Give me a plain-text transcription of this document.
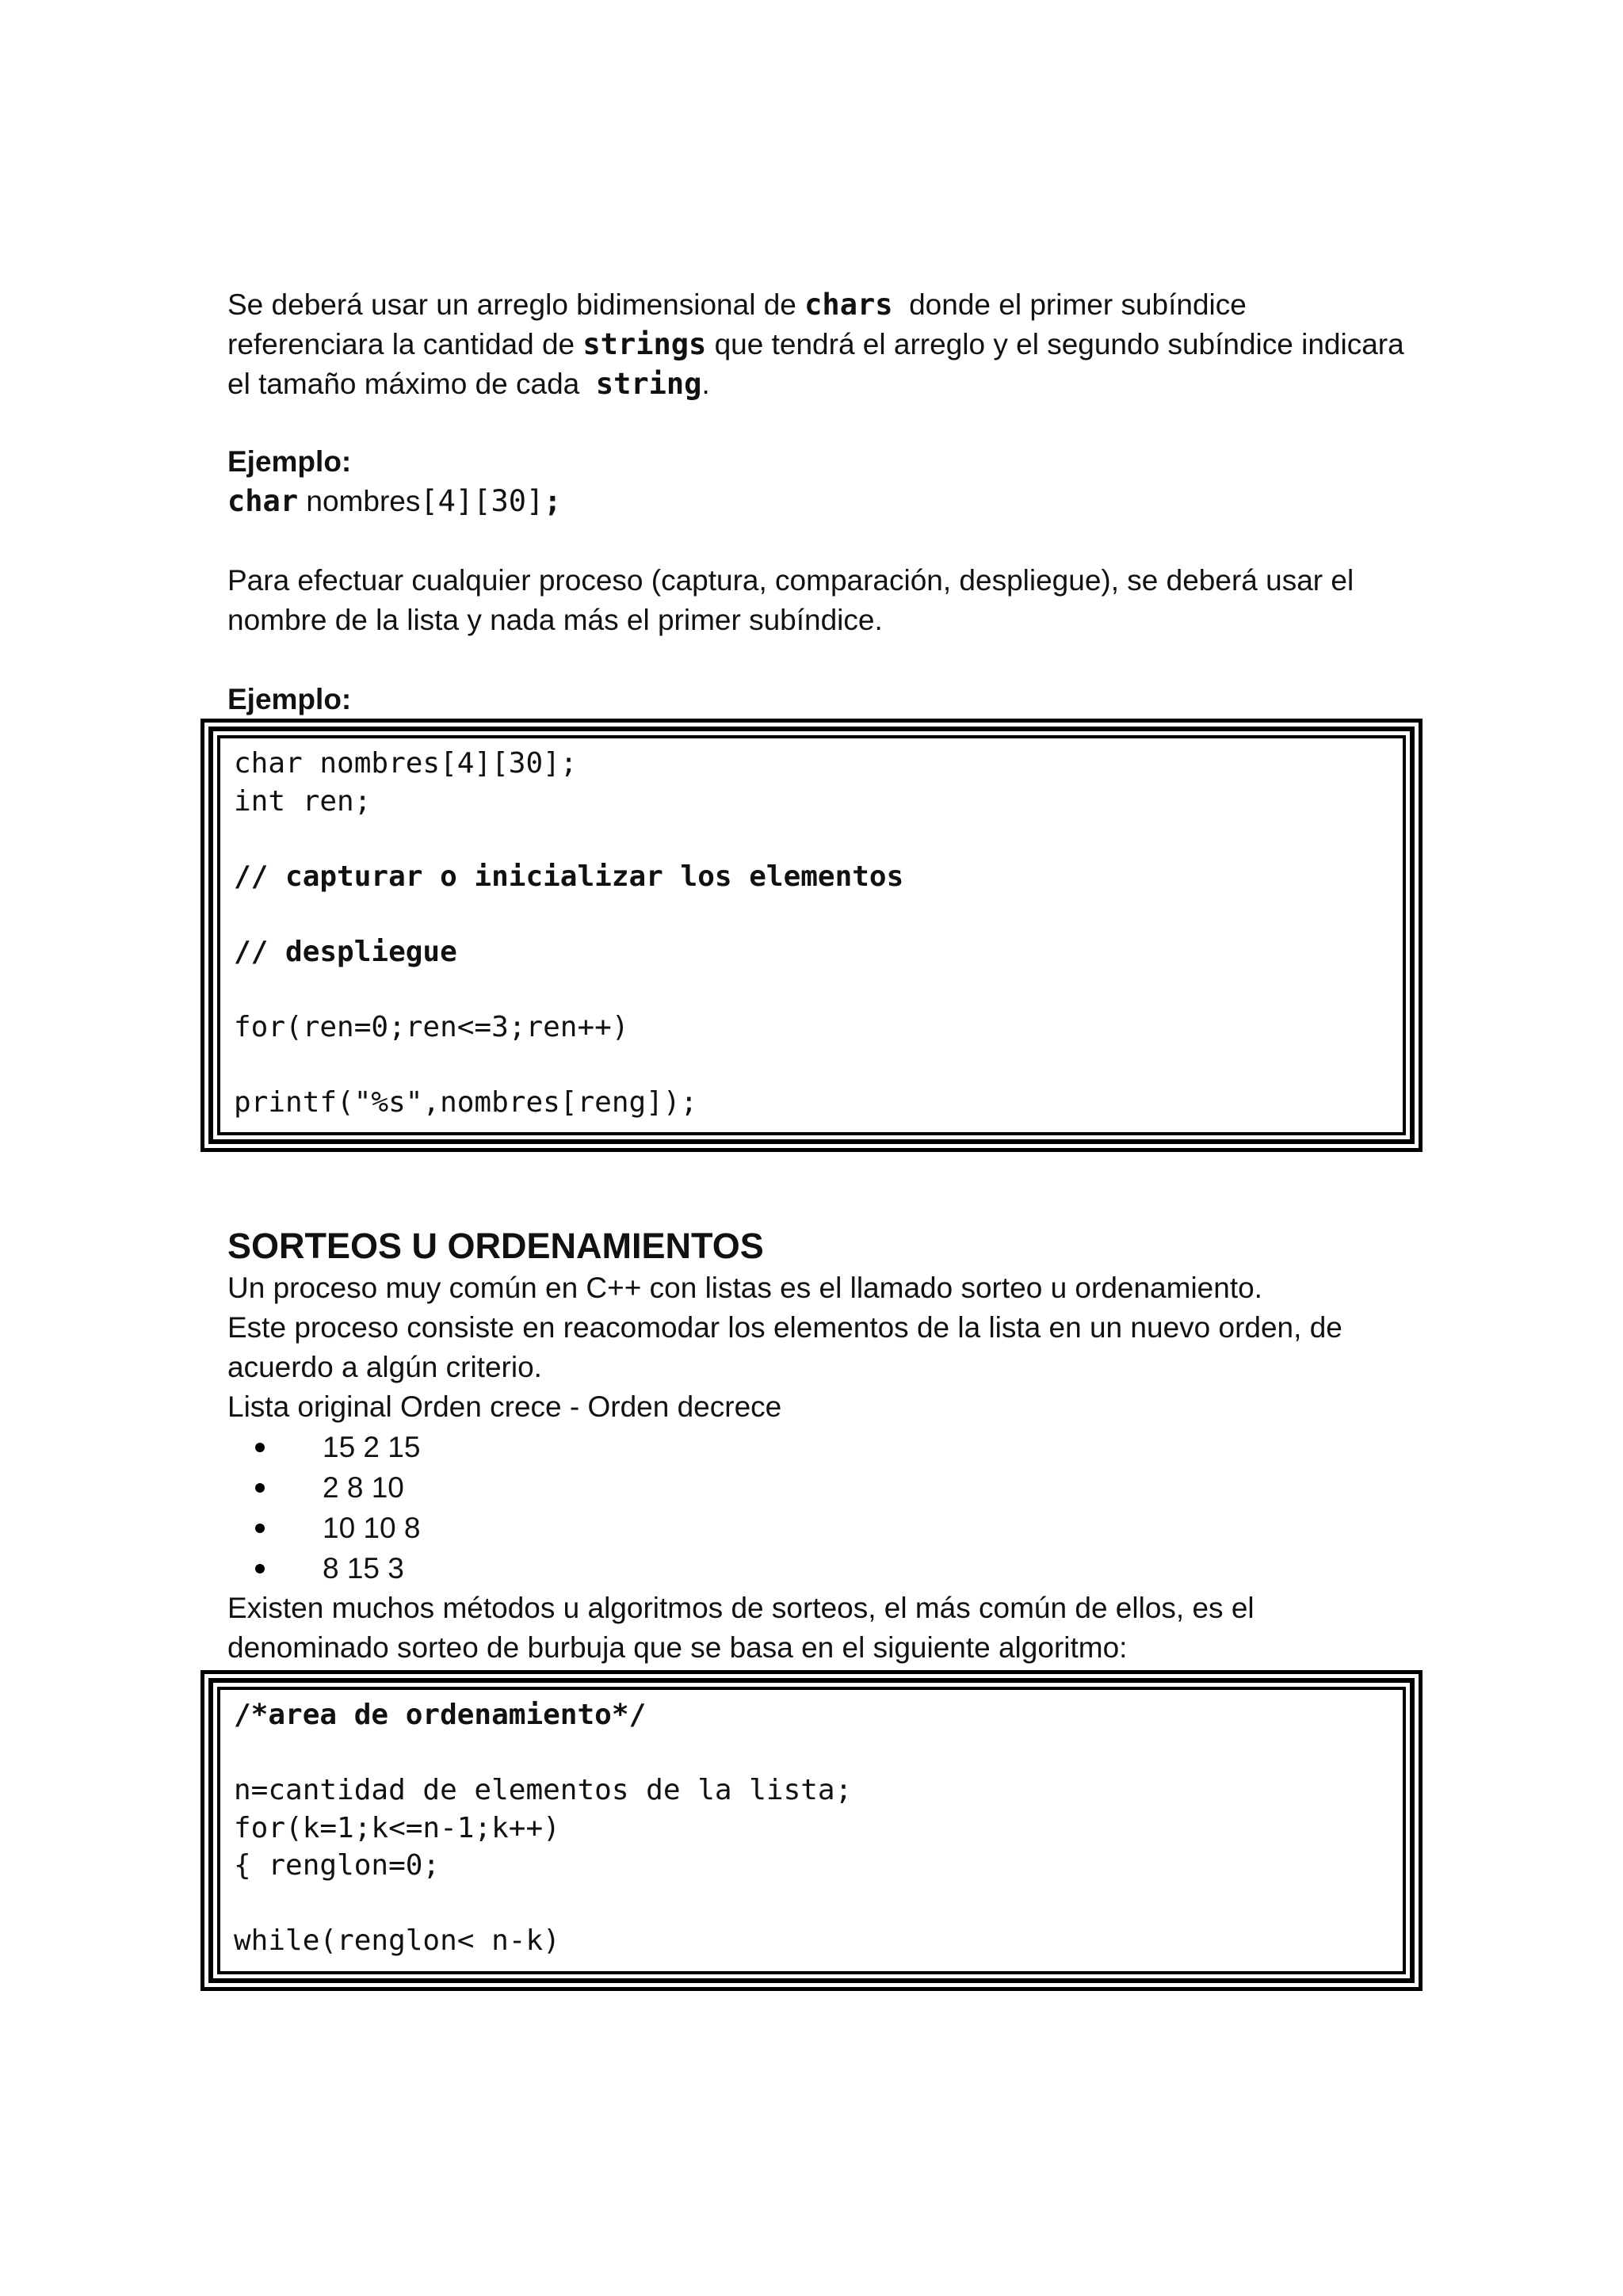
Se deberá usar un arreglo bidimensional de chars  donde el primer subíndice

referenciara la cantidad de strings que tendrá el arreglo y el segundo subíndice indicara

el tamaño máximo de cada  string.

Ejemplo:

char nombres[4][30];

Para efectuar cualquier proceso (captura, comparación, despliegue), se deberá usar el

nombre de la lista y nada más el primer subíndice.

Ejemplo:

char nombres[4][30];

int ren;

// capturar o inicializar los elementos

// despliegue

for(ren=0;ren<=3;ren++)

printf("%s",nombres[reng]);

SORTEOS U ORDENAMIENTOS

Un proceso muy común en C++ con listas es el llamado sorteo u ordenamiento.

Este proceso consiste en reacomodar los elementos de la lista en un nuevo orden, de

acuerdo a algún criterio.

Lista original Orden crece - Orden decrece

15 2 15
2 8 10
10 10 8
8 15 3

Existen muchos métodos u algoritmos de sorteos, el más común de ellos, es el

denominado sorteo de burbuja que se basa en el siguiente algoritmo:

/*area de ordenamiento*/

n=cantidad de elementos de la lista;

for(k=1;k<=n-1;k++)

{ renglon=0;

while(renglon< n-k)
